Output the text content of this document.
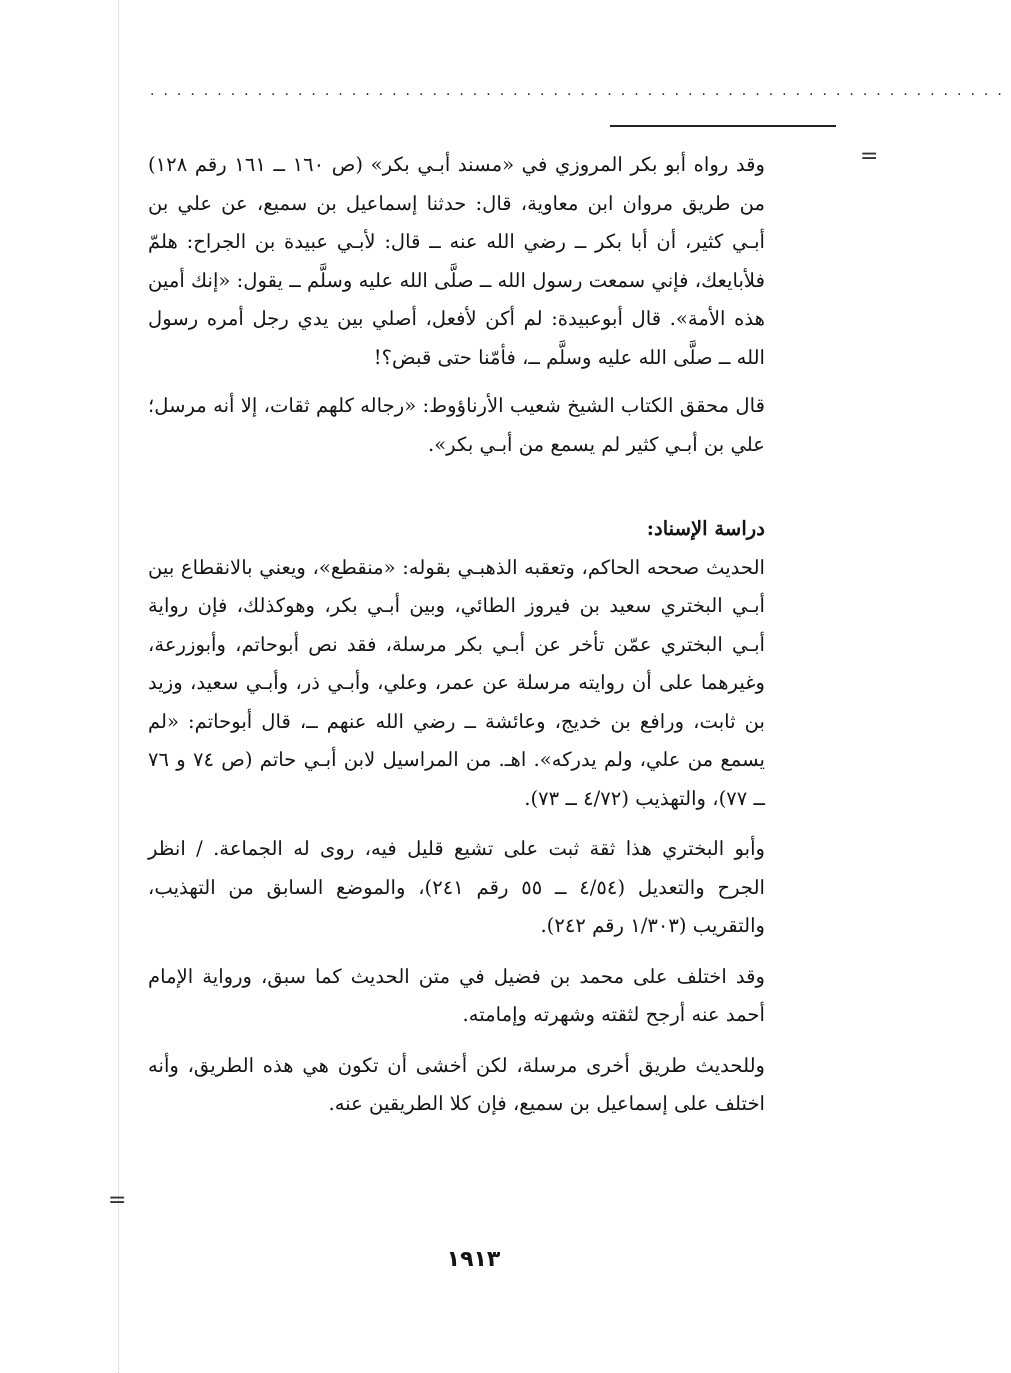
................................................................
=
=

وقد رواه أبو بكر المروزي في «مسند أبـي بكر» (ص ١٦٠ ــ ١٦١ رقم ١٢٨) من طريق مروان ابن معاوية، قال: حدثنا إسماعيل بن سميع، عن علي بن أبـي كثير، أن أبا بكر ــ رضي الله عنه ــ قال: لأبـي عبيدة بن الجراح: هلمّ فلأبايعك، فإني سمعت رسول الله ــ صلَّى الله عليه وسلَّم ــ يقول: «إنك أمين هذه الأمة». قال أبوعبيدة: لم أكن لأفعل، أصلي بين يدي رجل أمره رسول الله ــ صلَّى الله عليه وسلَّم ــ، فأمّنا حتى قبض؟!

قال محقق الكتاب الشيخ شعيب الأرناؤوط: «رجاله كلهم ثقات، إلا أنه مرسل؛ علي بن أبـي كثير لم يسمع من أبـي بكر».

دراسة الإسناد:

الحديث صححه الحاكم، وتعقبه الذهبـي بقوله: «منقطع»، ويعني بالانقطاع بين أبـي البختري سعيد بن فيروز الطائي، وبين أبـي بكر، وهوكذلك، فإن رواية أبـي البختري عمّن تأخر عن أبـي بكر مرسلة، فقد نص أبوحاتم، وأبوزرعة، وغيرهما على أن روايته مرسلة عن عمر، وعلي، وأبـي ذر، وأبـي سعيد، وزيد بن ثابت، ورافع بن خديج، وعائشة ــ رضي الله عنهم ــ، قال أبوحاتم: «لم يسمع من علي، ولم يدركه». اهـ. من المراسيل لابن أبـي حاتم (ص ٧٤ و ٧٦ ــ ٧٧)، والتهذيب (٤/٧٢ ــ ٧٣).

وأبو البختري هذا ثقة ثبت على تشيع قليل فيه، روى له الجماعة. / انظر الجرح والتعديل (٤/٥٤ ــ ٥٥ رقم ٢٤١)، والموضع السابق من التهذيب، والتقريب (١/٣٠٣ رقم ٢٤٢).

وقد اختلف على محمد بن فضيل في متن الحديث كما سبق، ورواية الإمام أحمد عنه أرجح لثقته وشهرته وإمامته.

وللحديث طريق أخرى مرسلة، لكن أخشى أن تكون هي هذه الطريق، وأنه اختلف على إسماعيل بن سميع، فإن كلا الطريقين عنه.

١٩١٣
